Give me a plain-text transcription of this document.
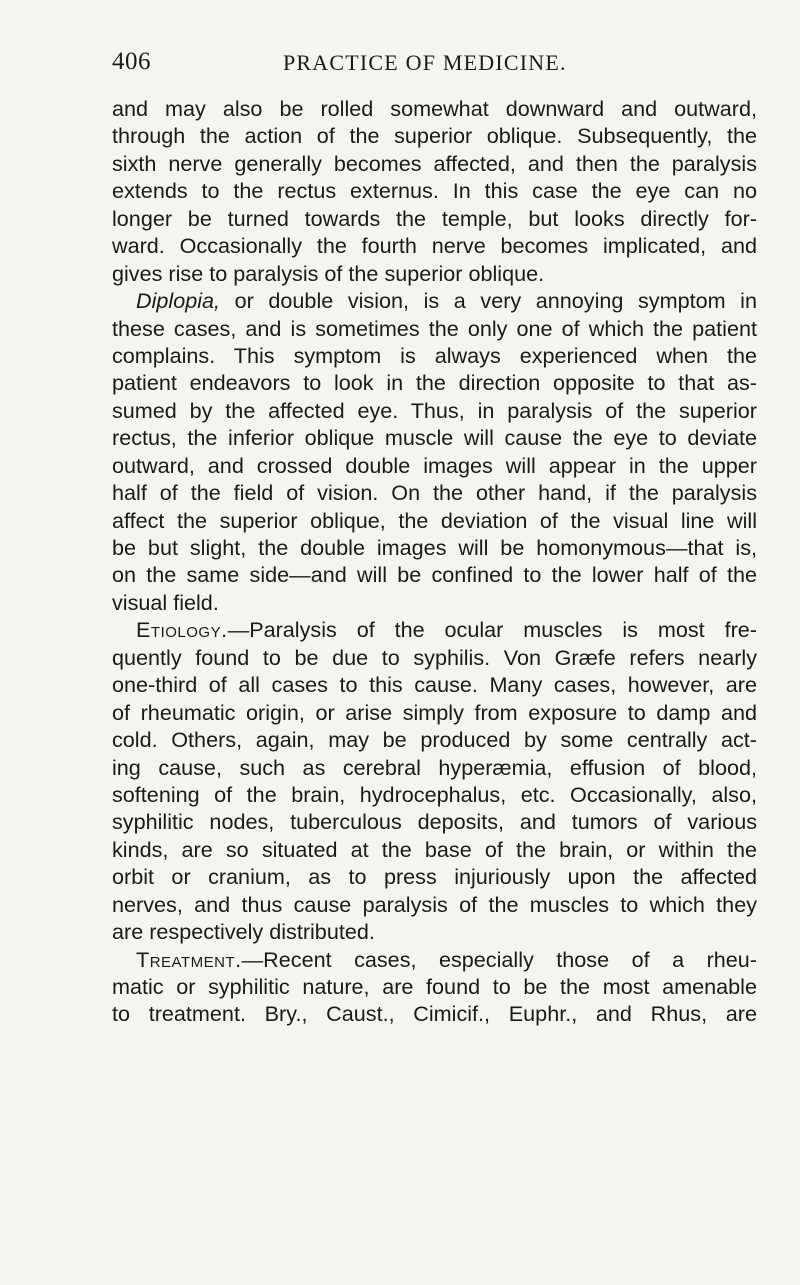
406	PRACTICE OF MEDICINE.
and may also be rolled somewhat downward and outward,
through the action of the superior oblique. Subsequently, the
sixth nerve generally becomes affected, and then the paralysis
extends to the rectus externus. In this case the eye can no
longer be turned towards the temple, but looks directly for-
ward. Occasionally the fourth nerve becomes implicated, and
gives rise to paralysis of the superior oblique.
Diplopia, or double vision, is a very annoying symptom in
these cases, and is sometimes the only one of which the patient
complains. This symptom is always experienced when the
patient endeavors to look in the direction opposite to that as-
sumed by the affected eye. Thus, in paralysis of the superior
rectus, the inferior oblique muscle will cause the eye to deviate
outward, and crossed double images will appear in the upper
half of the field of vision. On the other hand, if the paralysis
affect the superior oblique, the deviation of the visual line will
be but slight, the double images will be homonymous—that is,
on the same side—and will be confined to the lower half of the
visual field.
Etiology.—Paralysis of the ocular muscles is most fre-
quently found to be due to syphilis. Von Græfe refers nearly
one-third of all cases to this cause. Many cases, however, are
of rheumatic origin, or arise simply from exposure to damp and
cold. Others, again, may be produced by some centrally act-
ing cause, such as cerebral hyperæmia, effusion of blood,
softening of the brain, hydrocephalus, etc. Occasionally, also,
syphilitic nodes, tuberculous deposits, and tumors of various
kinds, are so situated at the base of the brain, or within the
orbit or cranium, as to press injuriously upon the affected
nerves, and thus cause paralysis of the muscles to which they
are respectively distributed.
Treatment.—Recent cases, especially those of a rheu-
matic or syphilitic nature, are found to be the most amenable
to treatment. Bry., Caust., Cimicif., Euphr., and Rhus, are
